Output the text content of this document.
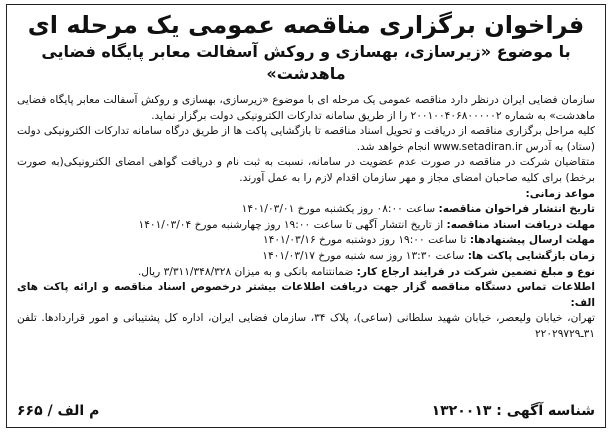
فراخوان برگزاری مناقصه عمومی یک مرحله ای
با موضوع «زیرسازی، بهسازی و روکش آسفالت معابر پایگاه فضایی ماهدشت»

سازمان فضایی ایران درنظر دارد مناقصه عمومی یک مرحله ای با موضوع «زیرسازی، بهسازی و روکش آسفالت معابر پایگاه فضایی ماهدشت» به شماره ۲۰۰۱۰۰۴۰۶۸۰۰۰۰۰۲ را از طریق سامانه تدارکات الکترونیکی دولت برگزار نماید.

کلیه مراحل برگزاری مناقصه از دریافت و تحویل اسناد مناقصه تا بازگشایی پاکت ها از طریق درگاه سامانه تدارکات الکترونیکی دولت (ستاد) به آدرس www.setadiran.ir انجام خواهد شد.

متقاضیان شرکت در مناقصه در صورت عدم عضویت در سامانه، نسبت به ثبت نام و دریافت گواهی امضای الکترونیکی(به صورت برخط) برای کلیه صاحبان امضای مجاز و مهر سازمان اقدام لازم را به عمل آورند.

مواعد زمانی:

تاریخ انتشار فراخوان مناقصه: ساعت ۰۸:۰۰ روز یکشنبه مورخ ۱۴۰۱/۰۳/۰۱

مهلت دریافت اسناد مناقصه: از تاریخ انتشار آگهی تا ساعت ۱۹:۰۰ روز چهارشنبه مورخ ۱۴۰۱/۰۳/۰۴

مهلت ارسال پیشنهادها: تا ساعت ۱۹:۰۰ روز دوشنبه مورخ ۱۴۰۱/۰۳/۱۶

زمان بازگشایی پاکت ها: ساعت ۱۳:۳۰ روز سه شنبه مورخ ۱۴۰۱/۰۳/۱۷

نوع و مبلغ تضمین شرکت در فرایند ارجاع کار: ضمانتنامه بانکی و به میزان ۳/۳۱۱/۳۴۸/۳۲۸ ریال.

اطلاعات تماس دستگاه مناقصه گزار جهت دریافت اطلاعات بیشتر درخصوص اسناد مناقصه و ارائه پاکت های الف:

تهران، خیابان ولیعصر، خیابان شهید سلطانی (ساعی)، پلاک ۳۴، سازمان فضایی ایران، اداره کل پشتیبانی و امور قراردادها. تلفن ۳۱ـ۲۲۰۲۹۷۲۹

شناسه آگهی : ۱۳۲۰۰۱۳
م الف / ۶۶۵
